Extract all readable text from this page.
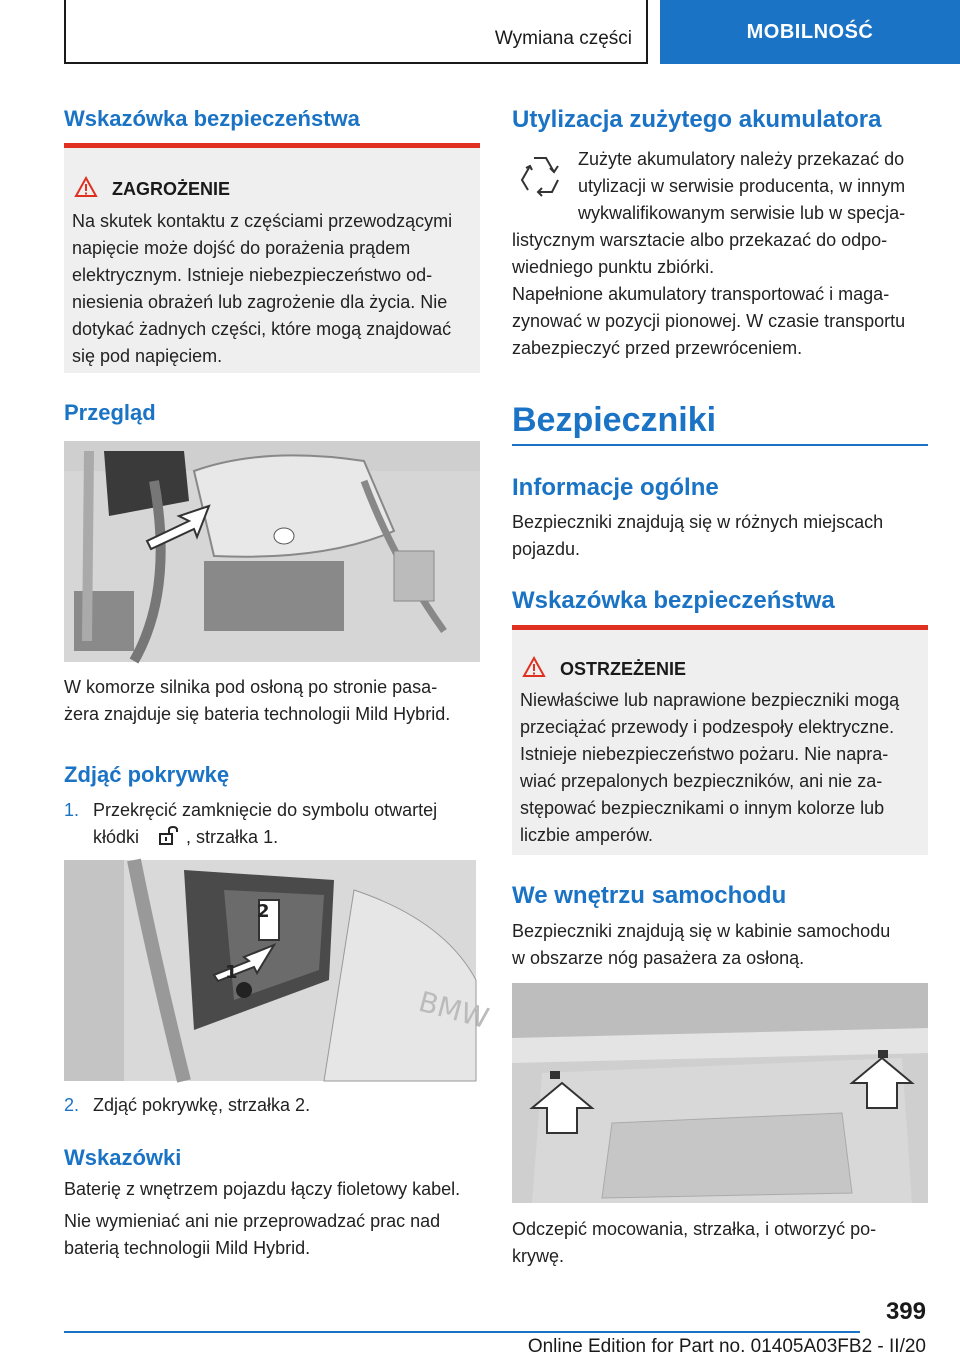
Wymiana części	MOBILNOŚĆ
Wskazówka bezpieczeństwa
ZAGROŻENIE
Na skutek kontaktu z częściami przewodzącymi
napięcie może dojść do porażenia prądem
elektrycznym. Istnieje niebezpieczeństwo od-
niesienia obrażeń lub zagrożenie dla życia. Nie
dotykać żadnych części, które mogą znajdować
się pod napięciem.
Przegląd
W komorze silnika pod osłoną po stronie pasa-
żera znajduje się bateria technologii Mild Hybrid.
Zdjąć pokrywkę
1. Przekręcić zamknięcie do symbolu otwartej
kłódki	, strzałka 1.
BMW
2
1
2. Zdjąć pokrywkę, strzałka 2.
Wskazówki
Baterię z wnętrzem pojazdu łączy fioletowy kabel.
Nie wymieniać ani nie przeprowadzać prac nad
baterią technologii Mild Hybrid.
Utylizacja zużytego akumulatora
Zużyte akumulatory należy przekazać do
utylizacji w serwisie producenta, w innym
wykwalifikowanym serwisie lub w specja-
listycznym warsztacie albo przekazać do odpo-
wiedniego punktu zbiórki.
Napełnione akumulatory transportować i maga-
zynować w pozycji pionowej. W czasie transportu
zabezpieczyć przed przewróceniem.
Bezpieczniki
Informacje ogólne
Bezpieczniki znajdują się w różnych miejscach
pojazdu.
Wskazówka bezpieczeństwa
OSTRZEŻENIE
Niewłaściwe lub naprawione bezpieczniki mogą
przeciążać przewody i podzespoły elektryczne.
Istnieje niebezpieczeństwo pożaru. Nie napra-
wiać przepalonych bezpieczników, ani nie za-
stępować bezpiecznikami o innym kolorze lub
liczbie amperów.
We wnętrzu samochodu
Bezpieczniki znajdują się w kabinie samochodu
w obszarze nóg pasażera za osłoną.
Odczepić mocowania, strzałka, i otworzyć po-
krywę.
399
Online Edition for Part no. 01405A03FB2 - II/20
